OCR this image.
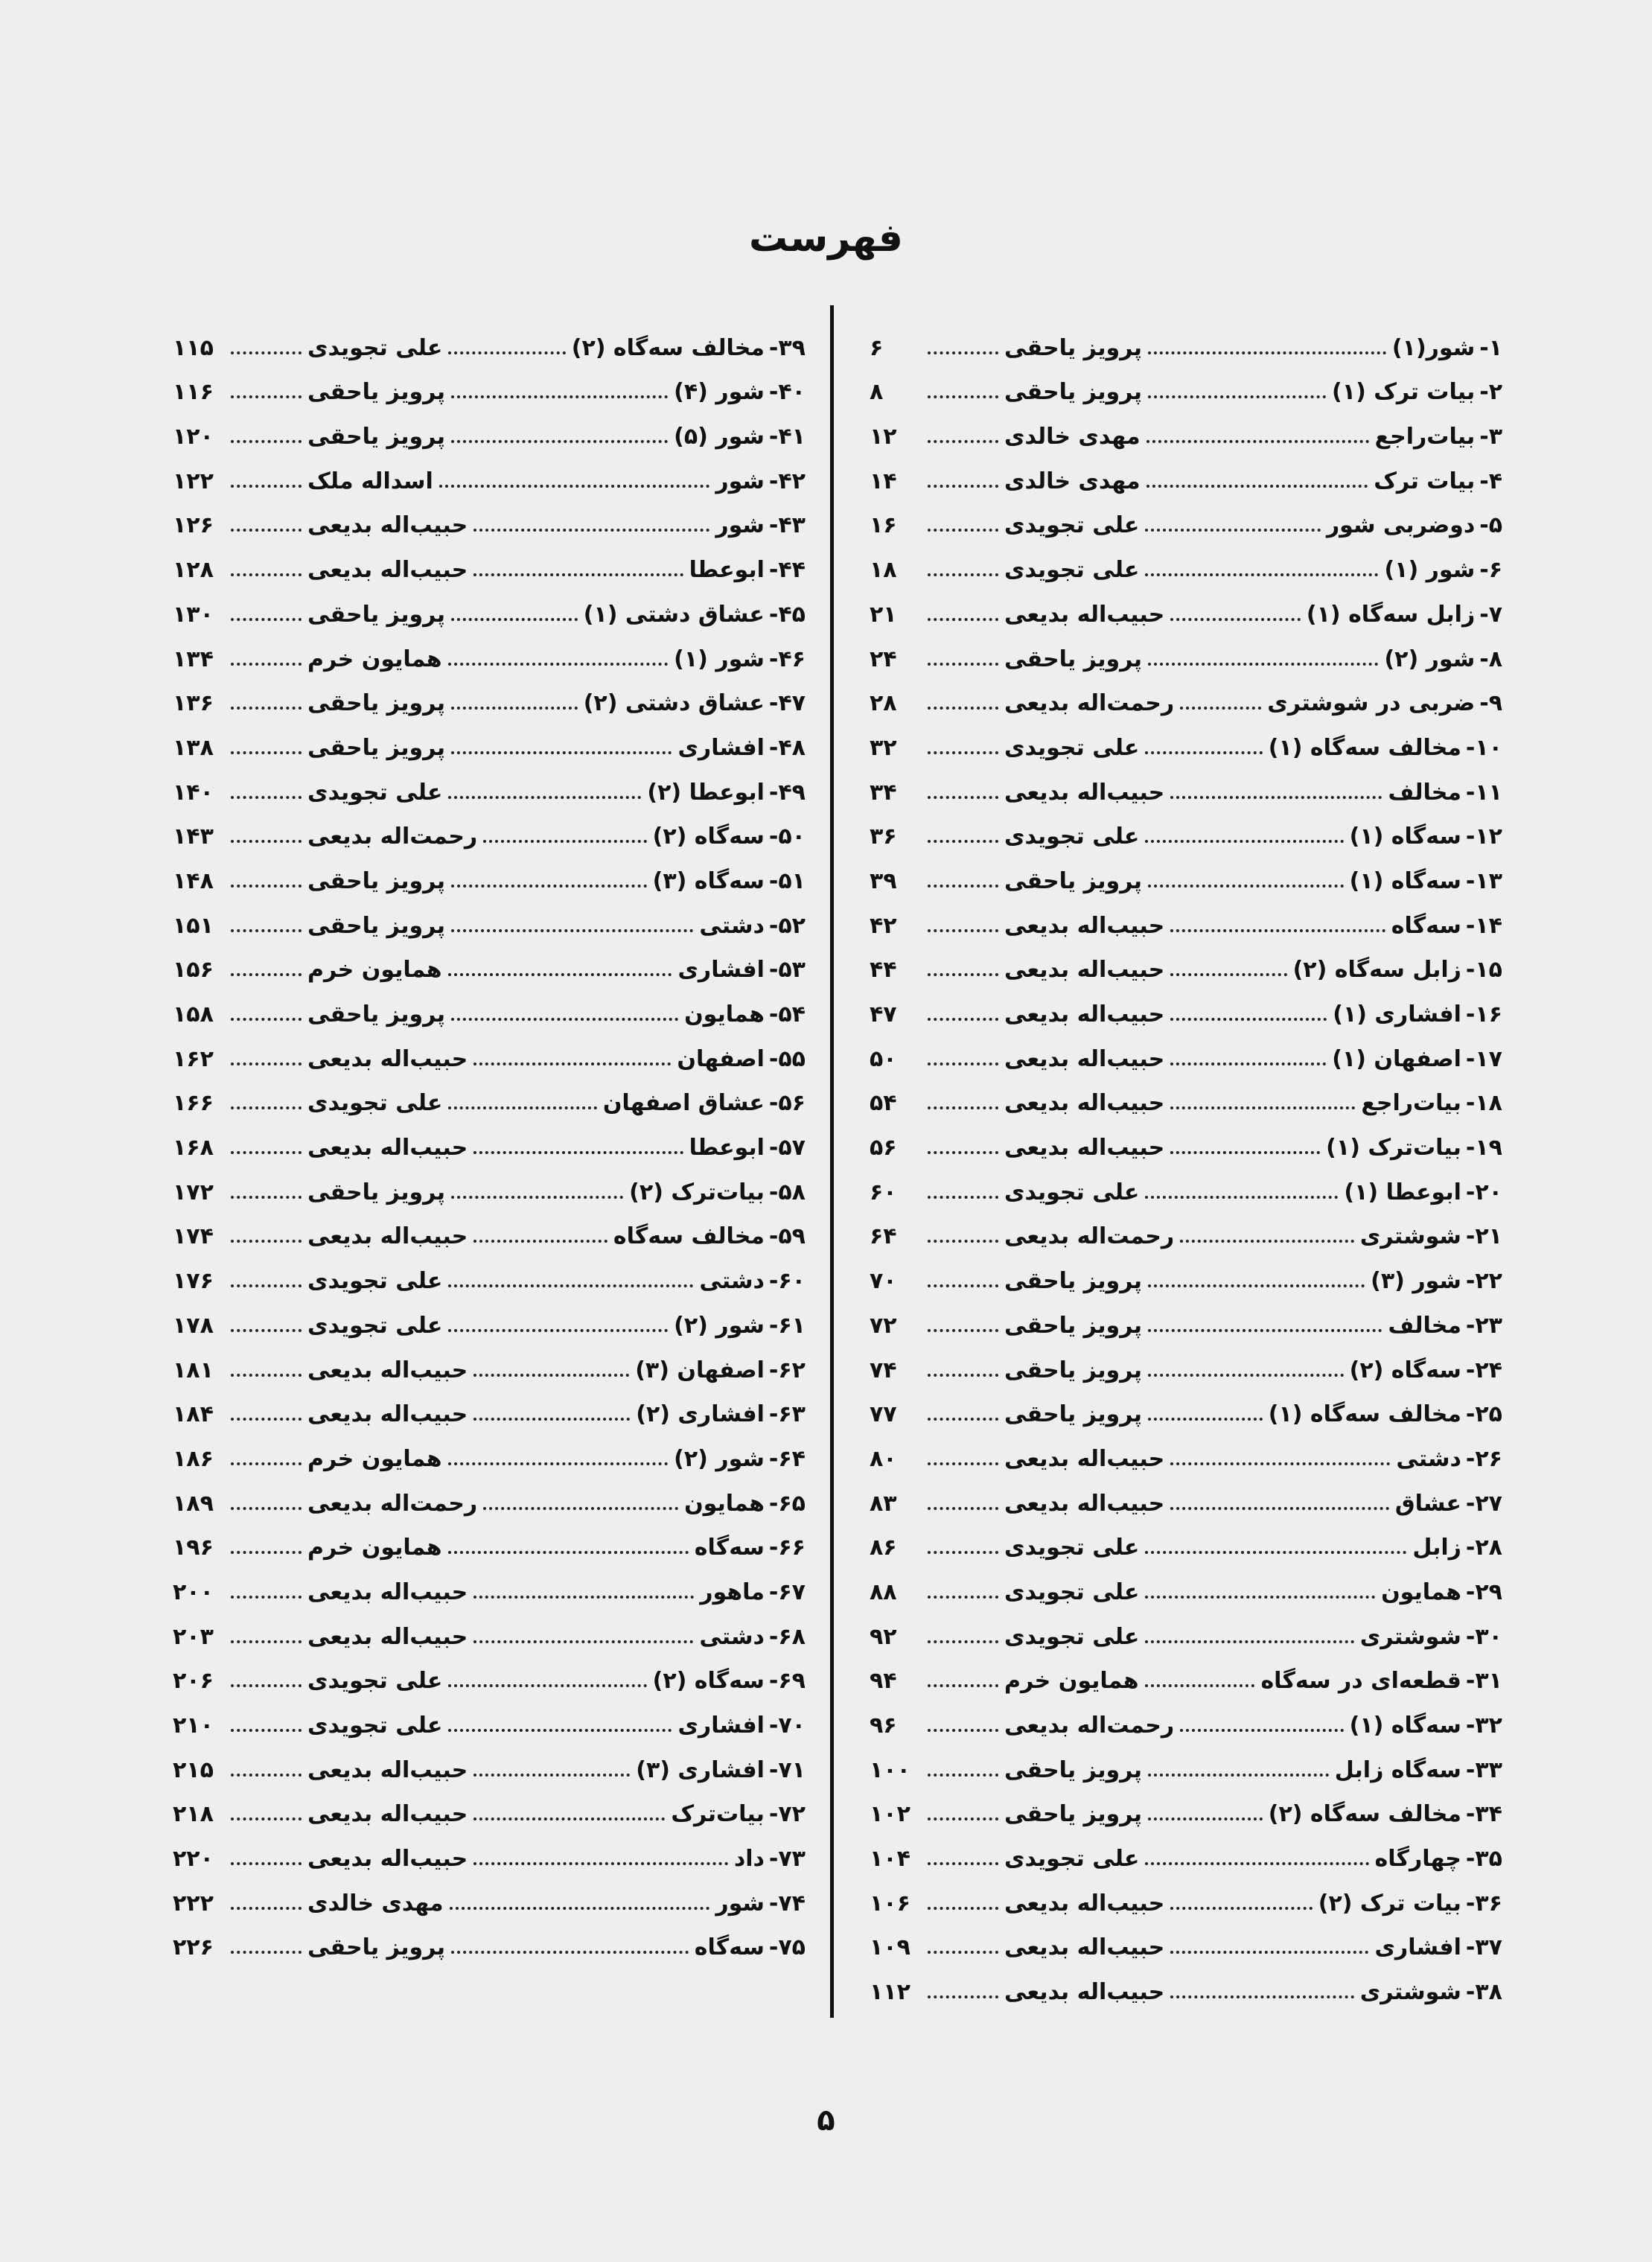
فهرست
۱-
شور(۱)
پرویز یاحقی
۶
۲-
بیات ترک (۱)
پرویز یاحقی
۸
۳-
بیات‌راجع
مهدی خالدی
۱۲
۴-
بیات ترک
مهدی خالدی
۱۴
۵-
دوضربی شور
علی تجویدی
۱۶
۶-
شور (۱)
علی تجویدی
۱۸
۷-
زابل سه‌گاه (۱)
حبیب‌اله بدیعی
۲۱
۸-
شور (۲)
پرویز یاحقی
۲۴
۹-
ضربی در شوشتری
رحمت‌اله بدیعی
۲۸
۱۰-
مخالف سه‌گاه (۱)
علی تجویدی
۳۲
۱۱-
مخالف
حبیب‌اله بدیعی
۳۴
۱۲-
سه‌گاه (۱)
علی تجویدی
۳۶
۱۳-
سه‌گاه (۱)
پرویز یاحقی
۳۹
۱۴-
سه‌گاه
حبیب‌اله بدیعی
۴۲
۱۵-
زابل سه‌گاه (۲)
حبیب‌اله بدیعی
۴۴
۱۶-
افشاری (۱)
حبیب‌اله بدیعی
۴۷
۱۷-
اصفهان (۱)
حبیب‌اله بدیعی
۵۰
۱۸-
بیات‌راجع
حبیب‌اله بدیعی
۵۴
۱۹-
بیات‌ترک (۱)
حبیب‌اله بدیعی
۵۶
۲۰-
ابوعطا (۱)
علی تجویدی
۶۰
۲۱-
شوشتری
رحمت‌اله بدیعی
۶۴
۲۲-
شور (۳)
پرویز یاحقی
۷۰
۲۳-
مخالف
پرویز یاحقی
۷۲
۲۴-
سه‌گاه (۲)
پرویز یاحقی
۷۴
۲۵-
مخالف سه‌گاه (۱)
پرویز یاحقی
۷۷
۲۶-
دشتی
حبیب‌اله بدیعی
۸۰
۲۷-
عشاق
حبیب‌اله بدیعی
۸۳
۲۸-
زابل
علی تجویدی
۸۶
۲۹-
همایون
علی تجویدی
۸۸
۳۰-
شوشتری
علی تجویدی
۹۲
۳۱-
قطعه‌ای در سه‌گاه
همایون خرم
۹۴
۳۲-
سه‌گاه (۱)
رحمت‌اله بدیعی
۹۶
۳۳-
سه‌گاه زابل
پرویز یاحقی
۱۰۰
۳۴-
مخالف سه‌گاه (۲)
پرویز یاحقی
۱۰۲
۳۵-
چهارگاه
علی تجویدی
۱۰۴
۳۶-
بیات ترک (۲)
حبیب‌اله بدیعی
۱۰۶
۳۷-
افشاری
حبیب‌اله بدیعی
۱۰۹
۳۸-
شوشتری
حبیب‌اله بدیعی
۱۱۲
۳۹-
مخالف سه‌گاه (۲)
علی تجویدی
۱۱۵
۴۰-
شور (۴)
پرویز یاحقی
۱۱۶
۴۱-
شور (۵)
پرویز یاحقی
۱۲۰
۴۲-
شور
اسداله ملک
۱۲۲
۴۳-
شور
حبیب‌اله بدیعی
۱۲۶
۴۴-
ابوعطا
حبیب‌اله بدیعی
۱۲۸
۴۵-
عشاق دشتی (۱)
پرویز یاحقی
۱۳۰
۴۶-
شور (۱)
همایون خرم
۱۳۴
۴۷-
عشاق دشتی (۲)
پرویز یاحقی
۱۳۶
۴۸-
افشاری
پرویز یاحقی
۱۳۸
۴۹-
ابوعطا (۲)
علی تجویدی
۱۴۰
۵۰-
سه‌گاه (۲)
رحمت‌اله بدیعی
۱۴۳
۵۱-
سه‌گاه (۳)
پرویز یاحقی
۱۴۸
۵۲-
دشتی
پرویز یاحقی
۱۵۱
۵۳-
افشاری
همایون خرم
۱۵۶
۵۴-
همایون
پرویز یاحقی
۱۵۸
۵۵-
اصفهان
حبیب‌اله بدیعی
۱۶۲
۵۶-
عشاق اصفهان
علی تجویدی
۱۶۶
۵۷-
ابوعطا
حبیب‌اله بدیعی
۱۶۸
۵۸-
بیات‌ترک (۲)
پرویز یاحقی
۱۷۲
۵۹-
مخالف سه‌گاه
حبیب‌اله بدیعی
۱۷۴
۶۰-
دشتی
علی تجویدی
۱۷۶
۶۱-
شور (۲)
علی تجویدی
۱۷۸
۶۲-
اصفهان (۳)
حبیب‌اله بدیعی
۱۸۱
۶۳-
افشاری (۲)
حبیب‌اله بدیعی
۱۸۴
۶۴-
شور (۲)
همایون خرم
۱۸۶
۶۵-
همایون
رحمت‌اله بدیعی
۱۸۹
۶۶-
سه‌گاه
همایون خرم
۱۹۶
۶۷-
ماهور
حبیب‌اله بدیعی
۲۰۰
۶۸-
دشتی
حبیب‌اله بدیعی
۲۰۳
۶۹-
سه‌گاه (۲)
علی تجویدی
۲۰۶
۷۰-
افشاری
علی تجویدی
۲۱۰
۷۱-
افشاری (۳)
حبیب‌اله بدیعی
۲۱۵
۷۲-
بیات‌ترک
حبیب‌اله بدیعی
۲۱۸
۷۳-
داد
حبیب‌اله بدیعی
۲۲۰
۷۴-
شور
مهدی خالدی
۲۲۲
۷۵-
سه‌گاه
پرویز یاحقی
۲۲۶
۵
